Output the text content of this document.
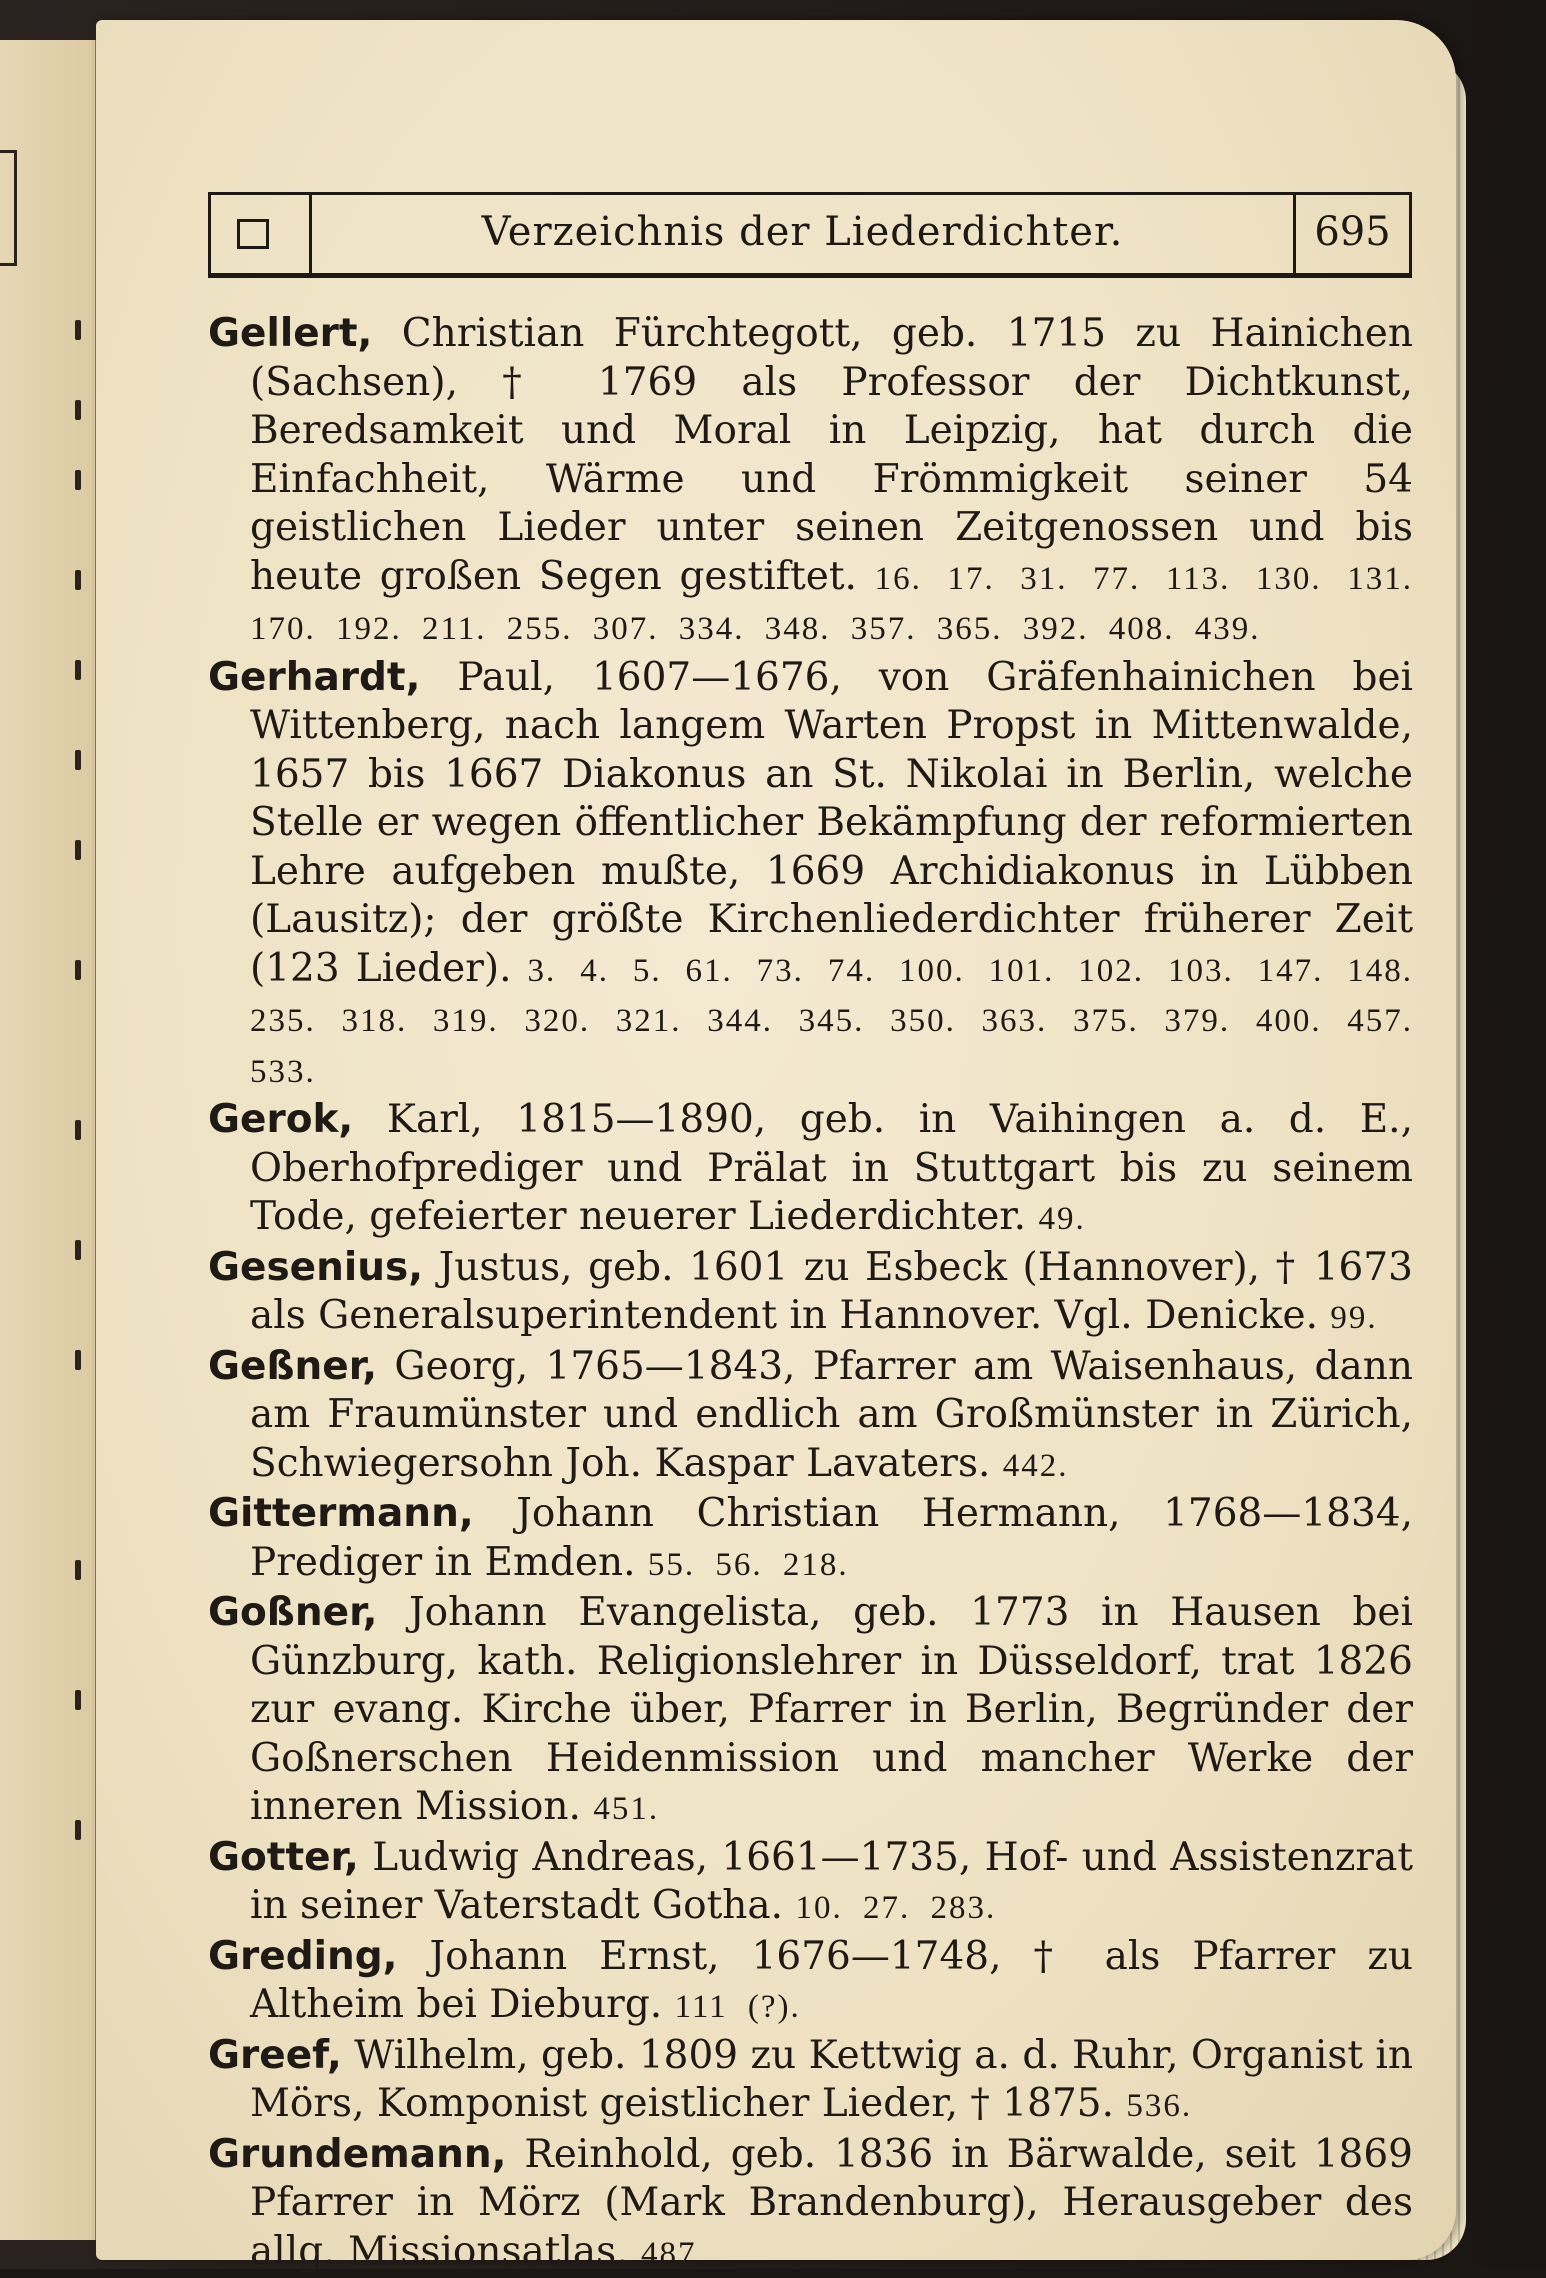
Verzeichnis der Liederdichter.	695

Gellert, Christian Fürchtegott, geb. 1715 zu Hainichen (Sachsen), † 1769 als Professor der Dichtkunst, Beredsamkeit und Moral in Leipzig, hat durch die Einfachheit, Wärme und Frömmigkeit seiner 54 geistlichen Lieder unter seinen Zeitgenossen und bis heute großen Segen gestiftet. 16. 17. 31. 77. 113. 130. 131. 170. 192. 211. 255. 307. 334. 348. 357. 365. 392. 408. 439.

Gerhardt, Paul, 1607—1676, von Gräfenhainichen bei Wittenberg, nach langem Warten Propst in Mittenwalde, 1657 bis 1667 Diakonus an St. Nikolai in Berlin, welche Stelle er wegen öffentlicher Bekämpfung der reformierten Lehre aufgeben mußte, 1669 Archidiakonus in Lübben (Lausitz); der größte Kirchenliederdichter früherer Zeit (123 Lieder). 3. 4. 5. 61. 73. 74. 100. 101. 102. 103. 147. 148. 235. 318. 319. 320. 321. 344. 345. 350. 363. 375. 379. 400. 457. 533.

Gerok, Karl, 1815—1890, geb. in Vaihingen a. d. E., Oberhofprediger und Prälat in Stuttgart bis zu seinem Tode, gefeierter neuerer Liederdichter. 49.

Gesenius, Justus, geb. 1601 zu Esbeck (Hannover), † 1673 als Generalsuperintendent in Hannover. Vgl. Denicke. 99.

Geßner, Georg, 1765—1843, Pfarrer am Waisenhaus, dann am Fraumünster und endlich am Großmünster in Zürich, Schwiegersohn Joh. Kaspar Lavaters. 442.

Gittermann, Johann Christian Hermann, 1768—1834, Prediger in Emden. 55. 56. 218.

Goßner, Johann Evangelista, geb. 1773 in Hausen bei Günzburg, kath. Religionslehrer in Düsseldorf, trat 1826 zur evang. Kirche über, Pfarrer in Berlin, Begründer der Goßnerschen Heidenmission und mancher Werke der inneren Mission. 451.

Gotter, Ludwig Andreas, 1661—1735, Hof- und Assistenzrat in seiner Vaterstadt Gotha. 10. 27. 283.

Greding, Johann Ernst, 1676—1748, † als Pfarrer zu Altheim bei Dieburg. 111 (?).

Greef, Wilhelm, geb. 1809 zu Kettwig a. d. Ruhr, Organist in Mörs, Komponist geistlicher Lieder, † 1875. 536.

Grundemann, Reinhold, geb. 1836 in Bärwalde, seit 1869 Pfarrer in Mörz (Mark Brandenburg), Herausgeber des allg. Missionsatlas. 487.
